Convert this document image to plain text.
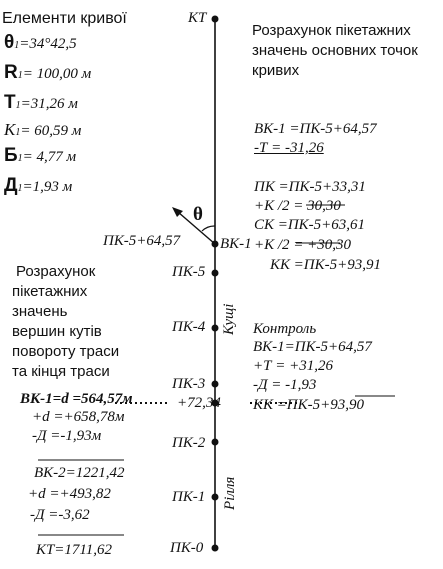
Елементи кривої
θ1=34°42,5
R1= 100,00 м
T1=31,26 м
K1= 60,59 м
Б1= 4,77 м
Д1=1,93 м
КТ
θ
ПК-5+64,57	ВК-1
ПК-5
ПК-4
ПК-3
+72,34
ПК-2
ПК-1
ПК-0
Кущі
Рілля
Розрахунок пікетажних
значень основних точок
кривих
ВК-1 =ПК-5+64,57
-Т = -31,26
ПК =ПК-5+33,31
+К /2 = 30,30
СК =ПК-5+63,61
+К /2 = +30,30
КК =ПК-5+93,91
Контроль
ВК-1=ПК-5+64,57
+Т = +31,26
-Д = -1,93
КК =ПК-5+93,90
Розрахунок
пікетажних
значень
вершин кутів
повороту траси
та кінця траси
ВК-1=d =564,57м
+d =+658,78м
-Д =-1,93м
ВК-2=1221,42
+d =+493,82
-Д =-3,62
КТ=1711,62
